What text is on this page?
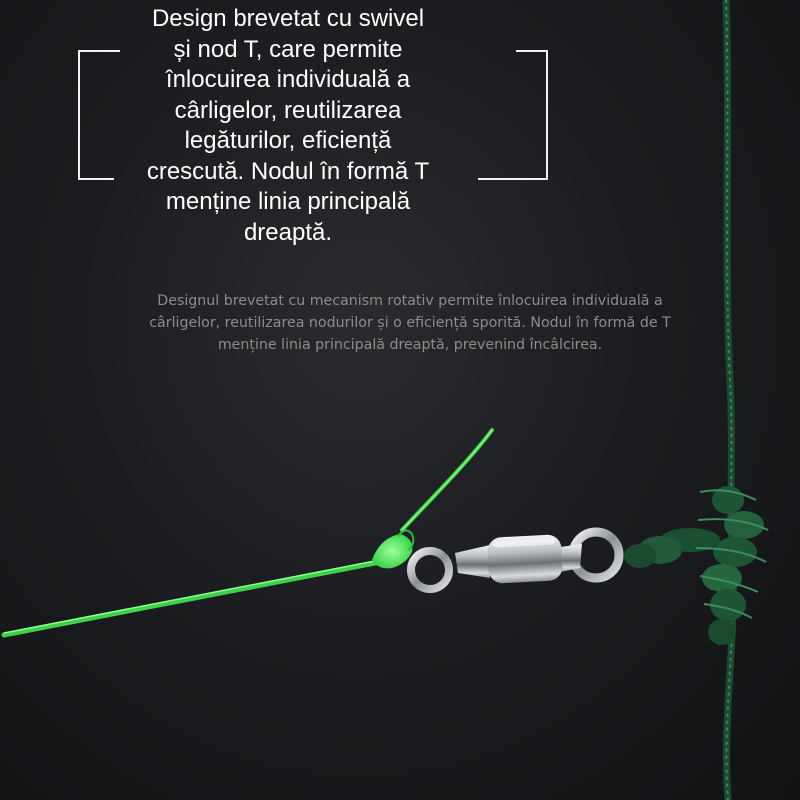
Design brevetat cu swivel
și nod T, care permite
înlocuirea individuală a
cârligelor, reutilizarea
legăturilor, eficiență
crescută. Nodul în formă T
menține linia principală
dreaptă.

Designul brevetat cu mecanism rotativ permite înlocuirea individuală a
cârligelor, reutilizarea nodurilor și o eficiență sporită. Nodul în formă de T
menține linia principală dreaptă, prevenind încâlcirea.
